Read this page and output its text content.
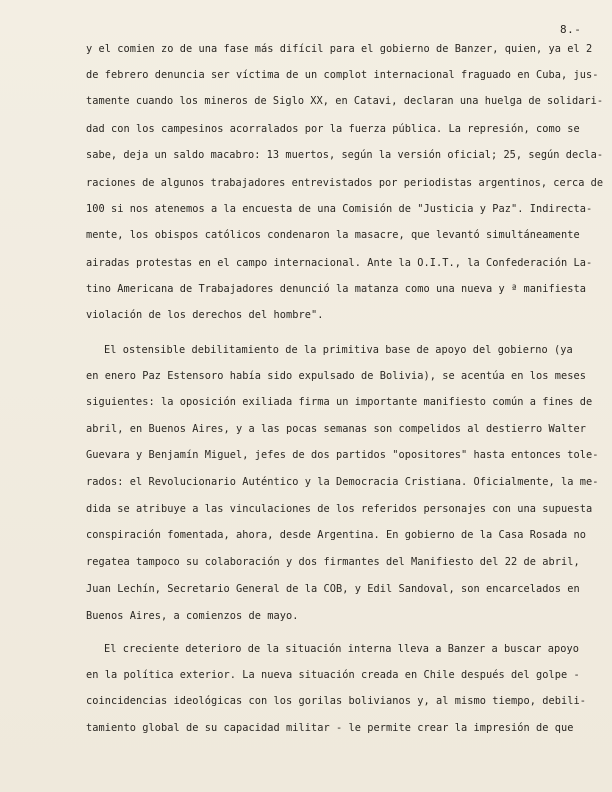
8.-

y el comien zo de una fase más difícil para el gobierno de Banzer, quien, ya el 2

de febrero denuncia ser víctima de un complot internacional fraguado en Cuba, jus-

tamente cuando los mineros de Siglo XX, en Catavi, declaran una huelga de solidari-

dad con los campesinos acorralados por la fuerza pública. La represión, como se

sabe, deja un saldo macabro: 13 muertos, según la versión oficial; 25, según decla-

raciones de algunos trabajadores entrevistados por periodistas argentinos, cerca de

100 si nos atenemos a la encuesta de una Comisión de "Justicia y Paz". Indirecta-

mente, los obispos católicos condenaron la masacre, que levantó simultáneamente

airadas protestas en el campo internacional. Ante la O.I.T., la Confederación La-

tino Americana de Trabajadores denunció la matanza como una nueva y ª manifiesta

violación de los derechos del hombre".

El ostensible debilitamiento de la primitiva base de apoyo del gobierno (ya

en enero Paz Estensoro había sido expulsado de Bolivia), se acentúa en los meses

siguientes: la oposición exiliada firma un importante manifiesto común a fines de

abril, en Buenos Aires, y a las pocas semanas son compelidos al destierro Walter

Guevara y Benjamín Miguel, jefes de dos partidos "opositores" hasta entonces tole-

rados: el Revolucionario Auténtico y la Democracia Cristiana. Oficialmente, la me-

dida se atribuye a las vinculaciones de los referidos personajes con una supuesta

conspiración fomentada, ahora, desde Argentina. En gobierno de la Casa Rosada no

regatea tampoco su colaboración y dos firmantes del Manifiesto del 22 de abril,

Juan Lechín, Secretario General de la COB, y Edil Sandoval, son encarcelados en

Buenos Aires, a comienzos de mayo.

El creciente deterioro de la situación interna lleva a Banzer a buscar apoyo

en la política exterior. La nueva situación creada en Chile después del golpe -

coincidencias ideológicas con los gorilas bolivianos y, al mismo tiempo, debili-

tamiento global de su capacidad militar - le permite crear la impresión de que
